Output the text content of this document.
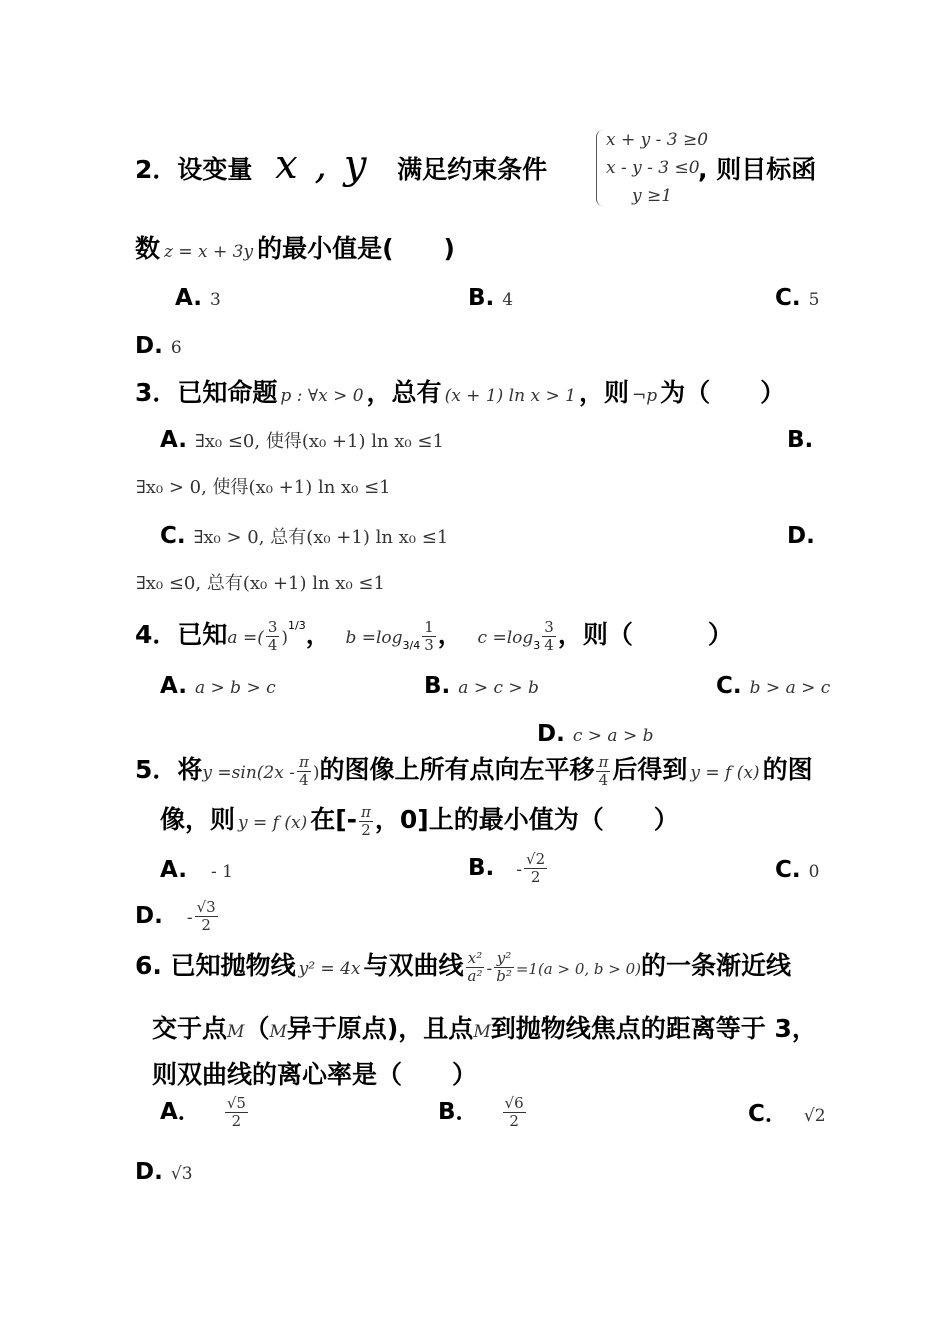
2．设变量 x , y 满足约束条件
x + y - 3 ≥0
x - y - 3 ≤0
y ≥1
, 则目标函
数 z = x + 3y 的最小值是(　　)
A. 3	B. 4	C. 5
D. 6
3．已知命题 p : ∀x > 0 ，总有 (x + 1) ln x > 1 ，则 ¬p 为（　　）
A. ∃x₀ ≤0, 使得(x₀ +1) ln x₀ ≤1	B.
∃x₀ > 0, 使得(x₀ +1) ln x₀ ≤1
C. ∃x₀ > 0, 总有(x₀ +1) ln x₀ ≤1	D.
∃x₀ ≤0, 总有(x₀ +1) ln x₀ ≤1
4．已知a =( $\frac{3}{4} )^{1/3}$， $b =\log_{3/4} \frac{1}{3}$ ， $c =\log_3 \frac{3}{4}$ ，则（　　　）
A. a > b > c	B. a > c > b	C. b > a > c
D. c > a > b
5．将$y =\sin(2x - \frac{\pi}{4}$ )的图像上所有点向左平移 $\frac{\pi}{4}$ 后得到 y = f (x) 的图
像，则 y = f (x) 在[- $\frac{\pi}{2}$ ，0]上的最小值为（　　）
A. - 1	B. - $\frac{√2}{2}$	C. 0
D. - $\frac{√3}{2}$
6. 已知抛物线 y² = 4x 与双曲线 $\frac{\text{x²}}{\text{a²}} - \frac{\text{y²}}{\text{b²}} =1(a > 0$, b > 0)的一条渐近线
交于点M（M异于原点)，且点M到抛物线焦点的距离等于 3，
则双曲线的离心率是（　　）
A． $\frac{√5}{2}$	B． $\frac{√6}{2}$	C． √2
D. √3
